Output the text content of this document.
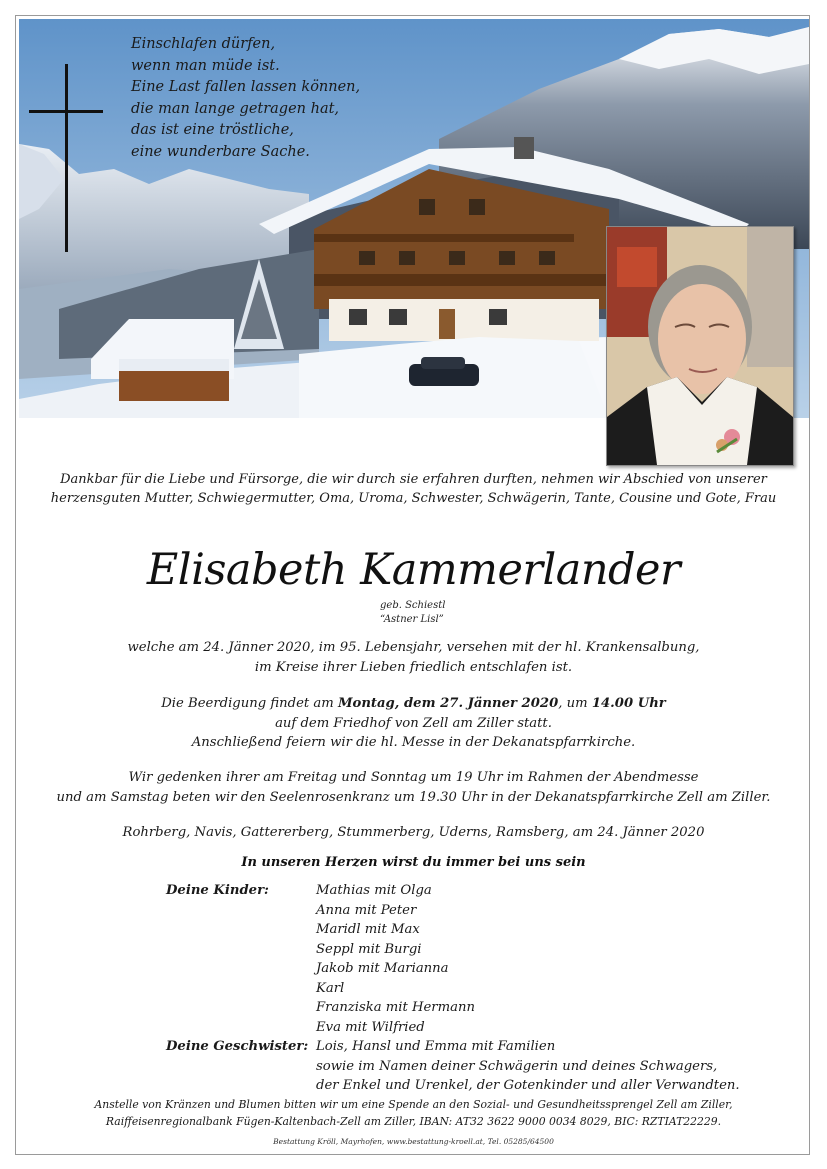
Einschlafen dürfen,
wenn man müde ist.
Eine Last fallen lassen können,
die man lange getragen hat,
das ist eine tröstliche,
eine wunderbare Sache.
Dankbar für die Liebe und Fürsorge, die wir durch sie erfahren durften, nehmen wir Abschied von unserer
herzensguten Mutter, Schwiegermutter, Oma, Uroma, Schwester, Schwägerin, Tante, Cousine und Gote, Frau
Elisabeth Kammerlander
geb. Schiestl
“Astner Lisl”
welche am 24. Jänner 2020, im 95. Lebensjahr, versehen mit der hl. Krankensalbung,
im Kreise ihrer Lieben friedlich entschlafen ist.
Die Beerdigung findet am Montag, dem 27. Jänner 2020, um 14.00 Uhr
auf dem Friedhof von Zell am Ziller statt.
Anschließend feiern wir die hl. Messe in der Dekanatspfarrkirche.
Wir gedenken ihrer am Freitag und Sonntag um 19 Uhr im Rahmen der Abendmesse
und am Samstag beten wir den Seelenrosenkranz um 19.30 Uhr in der Dekanatspfarrkirche Zell am Ziller.
Rohrberg, Navis, Gattererberg, Stummerberg, Uderns, Ramsberg, am 24. Jänner 2020
In unseren Herzen wirst du immer bei uns sein
Deine Kinder:	Mathias mit Olga
Anna mit Peter
Maridl mit Max
Seppl mit Burgi
Jakob mit Marianna
Karl
Franziska mit Hermann
Eva mit Wilfried
Deine Geschwister: Lois, Hansl und Emma mit Familien
sowie im Namen deiner Schwägerin und deines Schwagers,
der Enkel und Urenkel, der Gotenkinder und aller Verwandten.
Anstelle von Kränzen und Blumen bitten wir um eine Spende an den Sozial- und Gesundheitssprengel Zell am Ziller,
Raiffeisenregionalbank Fügen-Kaltenbach-Zell am Ziller, IBAN: AT32 3622 9000 0034 8029, BIC: RZTIAT22229.
Bestattung Kröll, Mayrhofen, www.bestattung-kroell.at, Tel. 05285/64500
